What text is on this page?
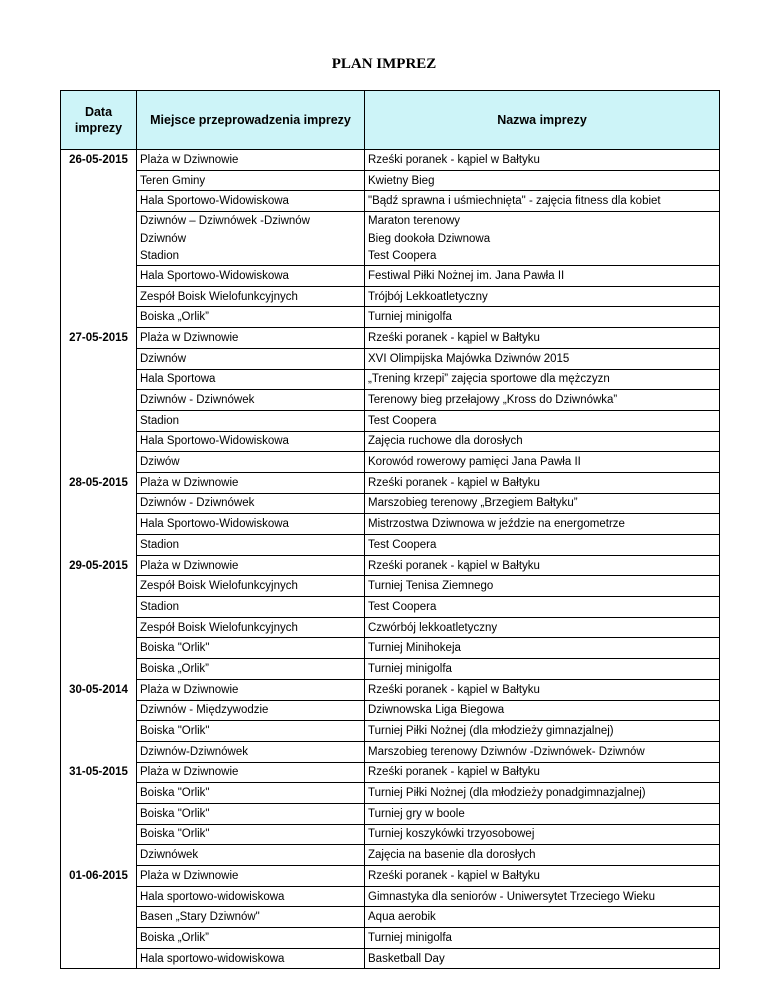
PLAN IMPREZ
Data imprezy	Miejsce przeprowadzenia imprezy	Nazwa imprezy
26-05-2015	Plaża w Dziwnowie	Rześki poranek - kąpiel w Bałtyku
	Teren Gminy	Kwietny Bieg
	Hala Sportowo-Widowiskowa	"Bądź sprawna i uśmiechnięta" - zajęcia fitness dla kobiet
	Dziwnów – Dziwnówek -Dziwnów	Maraton terenowy
	Dziwnów	Bieg dookoła Dziwnowa
	Stadion	Test Coopera
	Hala Sportowo-Widowiskowa	Festiwal Piłki Nożnej im. Jana Pawła II
	Zespół Boisk Wielofunkcyjnych	Trójbój Lekkoatletyczny
	Boiska „Orlik”	Turniej minigolfa
27-05-2015	Plaża w Dziwnowie	Rześki poranek - kąpiel w Bałtyku
	Dziwnów	XVI Olimpijska Majówka Dziwnów 2015
	Hala Sportowa	„Trening krzepi” zajęcia sportowe dla mężczyzn
	Dziwnów - Dziwnówek	Terenowy bieg przełajowy „Kross do Dziwnówka”
	Stadion	Test Coopera
	Hala Sportowo-Widowiskowa	Zajęcia ruchowe dla dorosłych
	Dziwów	Korowód rowerowy pamięci Jana Pawła II
28-05-2015	Plaża w Dziwnowie	Rześki poranek - kąpiel w Bałtyku
	Dziwnów - Dziwnówek	Marszobieg terenowy „Brzegiem Bałtyku”
	Hala Sportowo-Widowiskowa	Mistrzostwa Dziwnowa w jeździe na energometrze
	Stadion	Test Coopera
29-05-2015	Plaża w Dziwnowie	Rześki poranek - kąpiel w Bałtyku
	Zespół Boisk Wielofunkcyjnych	Turniej Tenisa Ziemnego
	Stadion	Test Coopera
	Zespół Boisk Wielofunkcyjnych	Czwórbój lekkoatletyczny
	Boiska "Orlik"	Turniej Minihokeja
	Boiska „Orlik”	Turniej minigolfa
30-05-2014	Plaża w Dziwnowie	Rześki poranek - kąpiel w Bałtyku
	Dziwnów - Międzywodzie	Dziwnowska Liga Biegowa
	Boiska "Orlik"	Turniej Piłki Nożnej (dla młodzieży gimnazjalnej)
	Dziwnów-Dziwnówek	Marszobieg terenowy Dziwnów -Dziwnówek- Dziwnów
31-05-2015	Plaża w Dziwnowie	Rześki poranek - kąpiel w Bałtyku
	Boiska "Orlik"	Turniej Piłki Nożnej (dla młodzieży ponadgimnazjalnej)
	Boiska "Orlik"	Turniej gry w boole
	Boiska "Orlik"	Turniej koszykówki trzyosobowej
	Dziwnówek	Zajęcia na basenie dla dorosłych
01-06-2015	Plaża w Dziwnowie	Rześki poranek - kąpiel w Bałtyku
	Hala sportowo-widowiskowa	Gimnastyka dla seniorów - Uniwersytet Trzeciego Wieku
	Basen „Stary Dziwnów"	Aqua aerobik
	Boiska „Orlik”	Turniej minigolfa
	Hala sportowo-widowiskowa	Basketball Day
